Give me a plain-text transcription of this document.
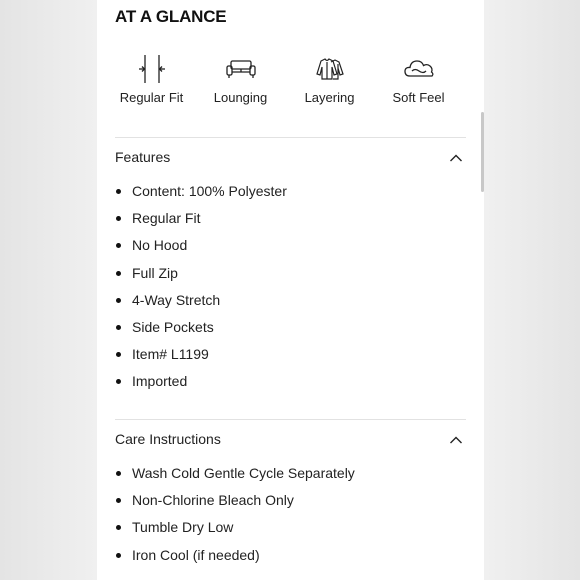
AT A GLANCE
Regular Fit Lounging	Layering	Soft Feel
Features
Content: 100% Polyester
Regular Fit
No Hood
Full Zip
4-Way Stretch
Side Pockets
Item# L1199
Imported
Care Instructions
Wash Cold Gentle Cycle Separately
Non-Chlorine Bleach Only
Tumble Dry Low
Iron Cool (if needed)
